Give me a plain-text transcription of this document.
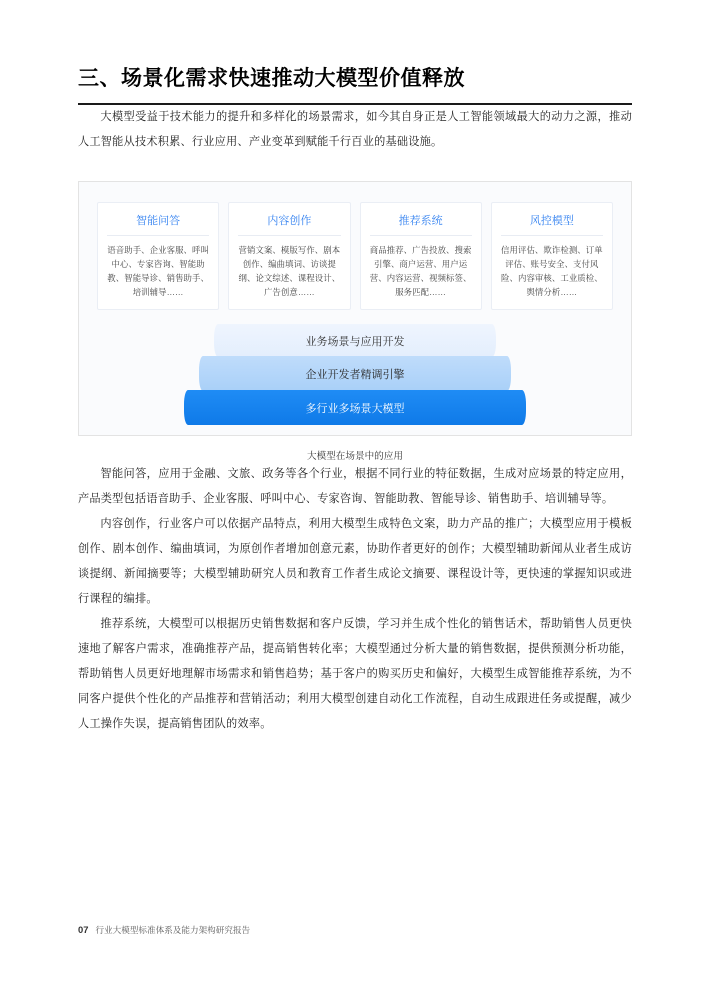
三、场景化需求快速推动大模型价值释放

大模型受益于技术能力的提升和多样化的场景需求，如今其自身正是人工智能领域最大的动力之源，推动人工智能从技术积累、行业应用、产业变革到赋能千行百业的基础设施。

智能问答
语音助手、企业客服、呼叫中心、专家咨询、智能助教、智能导诊、销售助手、培训辅导……
内容创作
营销文案、模版写作、剧本创作、编曲填词、访谈提纲、论文综述、课程设计、广告创意……
推荐系统
商品推荐、广告投放、搜索引擎、商户运营、用户运营、内容运营、视频标签、服务匹配……
风控模型
信用评估、欺诈检测、订单评估、账号安全、支付风险、内容审核、工业质检、舆情分析……
业务场景与应用开发
企业开发者精调引擎
多行业多场景大模型
大模型在场景中的应用

智能问答，应用于金融、文旅、政务等各个行业，根据不同行业的特征数据，生成对应场景的特定应用，产品类型包括语音助手、企业客服、呼叫中心、专家咨询、智能助教、智能导诊、销售助手、培训辅导等。

内容创作，行业客户可以依据产品特点，利用大模型生成特色文案，助力产品的推广；大模型应用于模板创作、剧本创作、编曲填词，为原创作者增加创意元素，协助作者更好的创作；大模型辅助新闻从业者生成访谈提纲、新闻摘要等；大模型辅助研究人员和教育工作者生成论文摘要、课程设计等，更快速的掌握知识或进行课程的编排。

推荐系统，大模型可以根据历史销售数据和客户反馈，学习并生成个性化的销售话术，帮助销售人员更快速地了解客户需求，准确推荐产品，提高销售转化率；大模型通过分析大量的销售数据，提供预测分析功能，帮助销售人员更好地理解市场需求和销售趋势；基于客户的购买历史和偏好，大模型生成智能推荐系统，为不同客户提供个性化的产品推荐和营销活动；利用大模型创建自动化工作流程，自动生成跟进任务或提醒，减少人工操作失误，提高销售团队的效率。

07 行业大模型标准体系及能力架构研究报告
